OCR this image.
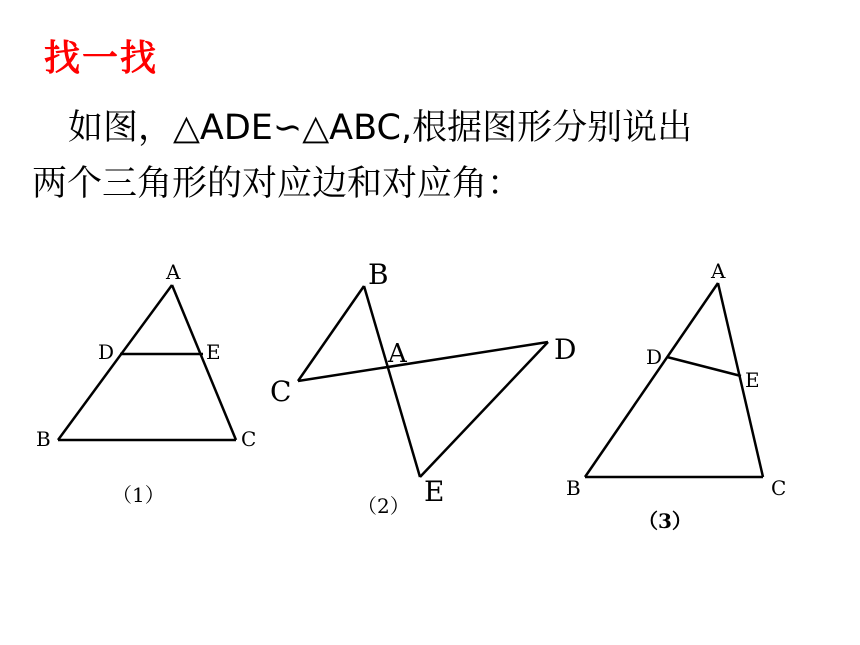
找一找
如图，△ADE∽△ABC,根据图形分别说出
两个三角形的对应边和对应角：
A
D	E
B	C
（1）
B
A	D
C
E
（2）
A
D
E
B	C
（3）
